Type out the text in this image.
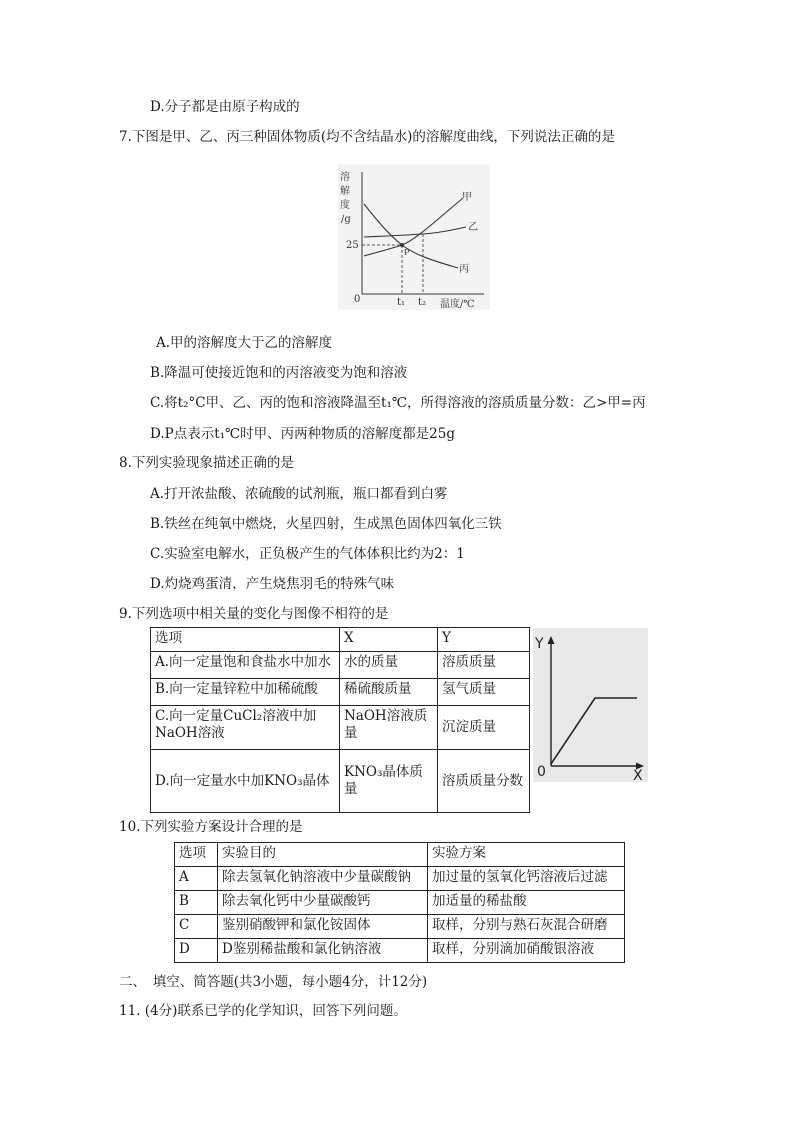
D.分子都是由原子构成的
7.下图是甲、乙、丙三种固体物质(均不含结晶水)的溶解度曲线，下列说法正确的是
溶
解
度
/g
25
0
P
甲
乙
丙
t₁ t₂ 温度/℃
A.甲的溶解度大于乙的溶解度
B.降温可使接近饱和的丙溶液变为饱和溶液
C.将t₂°C甲、乙、丙的饱和溶液降温至t₁℃，所得溶液的溶质质量分数：乙>甲=丙
D.P点表示t₁℃时甲、丙两种物质的溶解度都是25g
8.下列实验现象描述正确的是
A.打开浓盐酸、浓硫酸的试剂瓶，瓶口都看到白雾
B.铁丝在纯氧中燃烧，火星四射，生成黑色固体四氧化三铁
C.实验室电解水，正负极产生的气体体积比约为2：1
D.灼烧鸡蛋清，产生烧焦羽毛的特殊气味
9.下列选项中相关量的变化与图像不相符的是
选项	X	Y
A.向一定量饱和食盐水中加水	水的质量	溶质质量
B.向一定量锌粒中加稀硫酸	稀硫酸质量	氢气质量
C.向一定量CuCl₂溶液中加NaOH溶液	NaOH溶液质量	沉淀质量
D.向一定量水中加KNO₃晶体	KNO₃晶体质量	溶质质量分数
Y
X
0
10.下列实验方案设计合理的是
选项	实验目的	实验方案
A	除去氢氧化钠溶液中少量碳酸钠	加过量的氢氧化钙溶液后过滤
B	除去氧化钙中少量碳酸钙	加适量的稀盐酸
C	鉴别硝酸钾和氯化铵固体	取样，分别与熟石灰混合研磨
D	D鉴别稀盐酸和氯化钠溶液	取样，分别滴加硝酸银溶液
二、　填空、简答题(共3小题，每小题4分，计12分)
11. (4分)联系已学的化学知识，回答下列问题。
